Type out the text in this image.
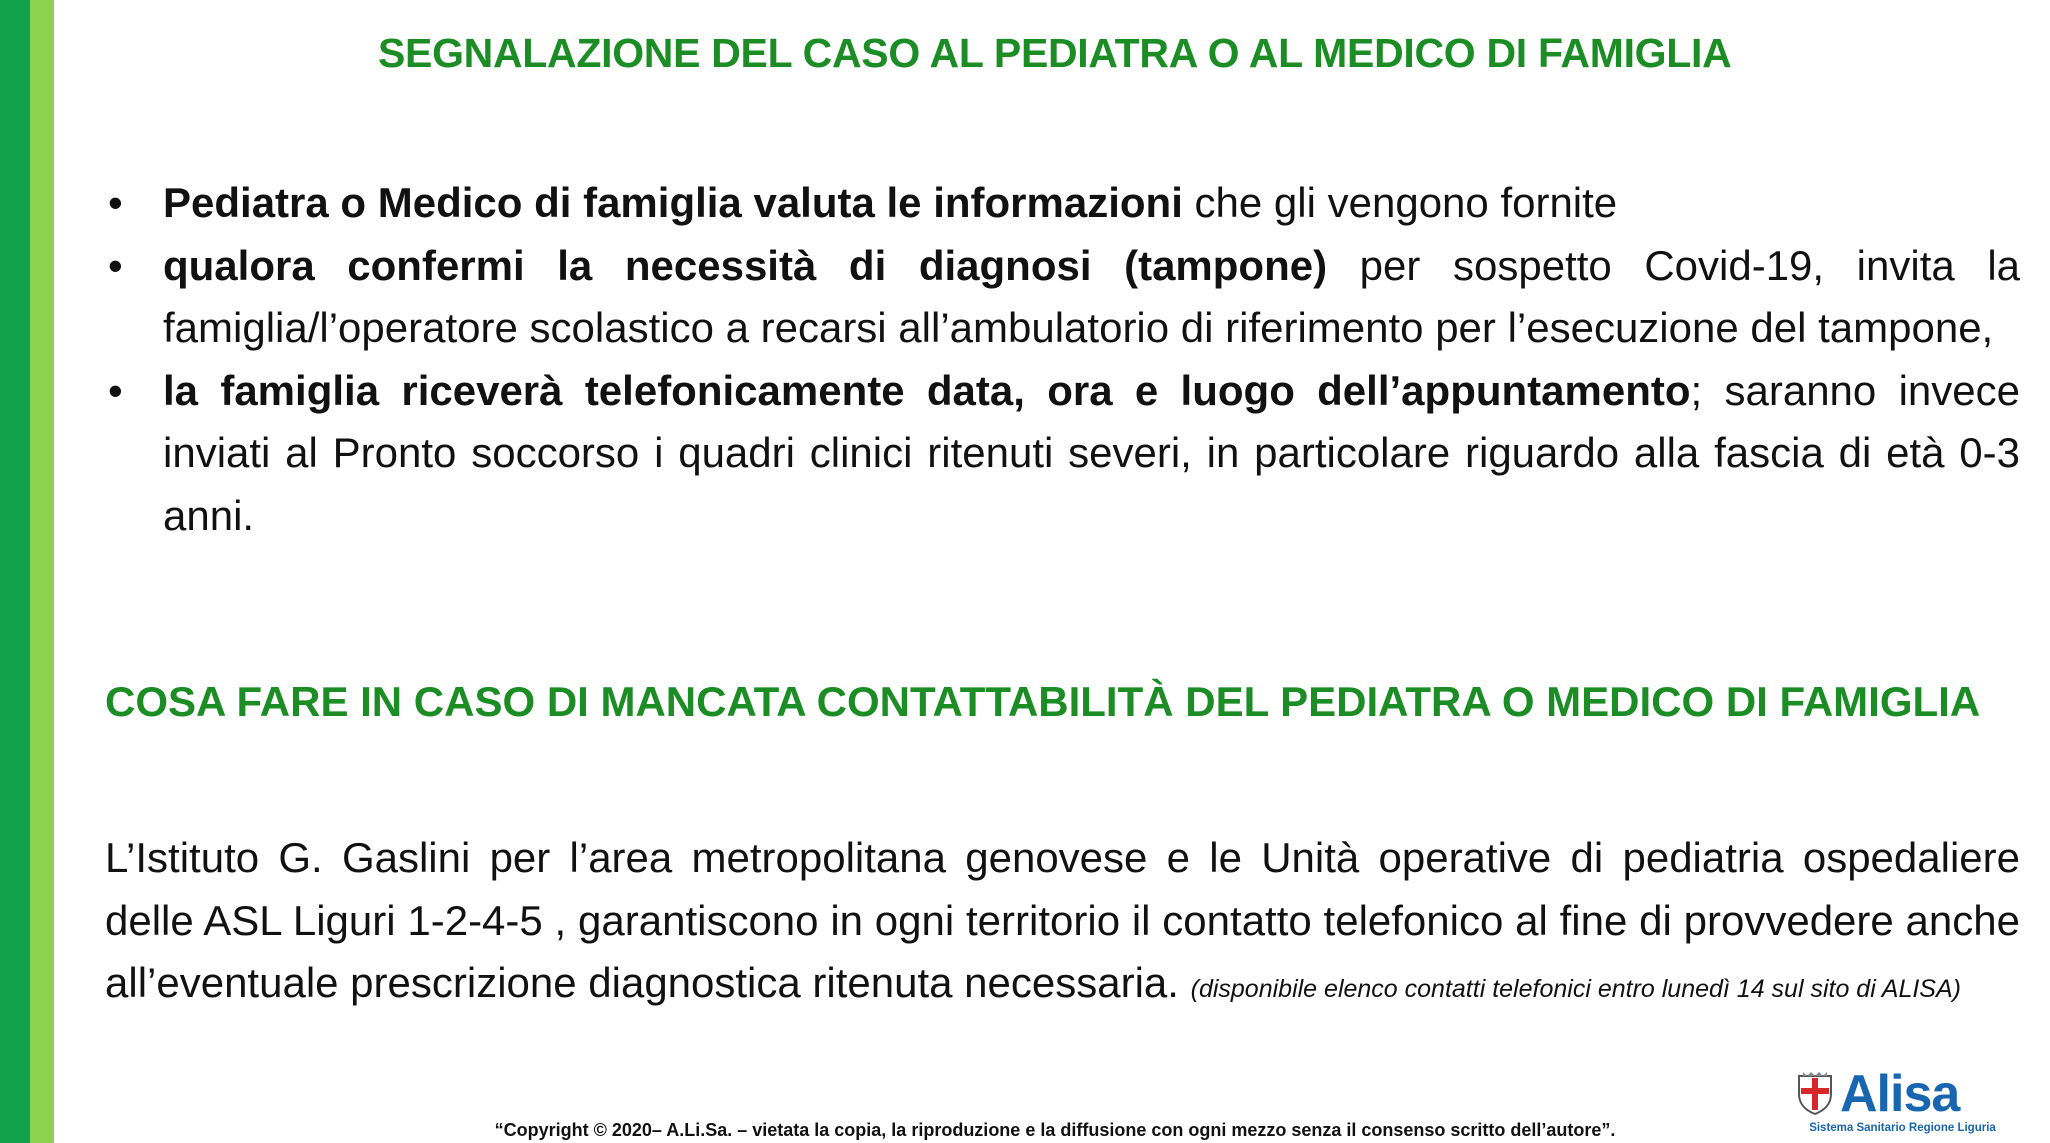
SEGNALAZIONE DEL CASO AL PEDIATRA O AL MEDICO DI FAMIGLIA
• Pediatra o Medico di famiglia valuta le informazioni che gli vengono fornite
• qualora confermi la necessità di diagnosi (tampone) per sospetto Covid-19, invita la famiglia/l’operatore scolastico a recarsi all’ambulatorio di riferimento per l’esecuzione del tampone,
• la famiglia riceverà telefonicamente data, ora e luogo dell’appuntamento; saranno invece inviati al Pronto soccorso i quadri clinici ritenuti severi, in particolare riguardo alla fascia di età 0-3 anni.

COSA FARE IN CASO DI MANCATA CONTATTABILITÀ DEL PEDIATRA O MEDICO DI FAMIGLIA

L’Istituto G. Gaslini per l’area metropolitana genovese e le Unità operative di pediatria ospedaliere delle ASL Liguri 1-2-4-5 , garantiscono in ogni territorio il contatto telefonico al fine di provvedere anche all’eventuale prescrizione diagnostica ritenuta necessaria. (disponibile elenco contatti telefonici entro lunedì 14 sul sito di ALISA)

“Copyright © 2020– A.Li.Sa. – vietata la copia, la riproduzione e la diffusione con ogni mezzo senza il consenso scritto dell’autore”.
Alisa
Sistema Sanitario Regione Liguria
